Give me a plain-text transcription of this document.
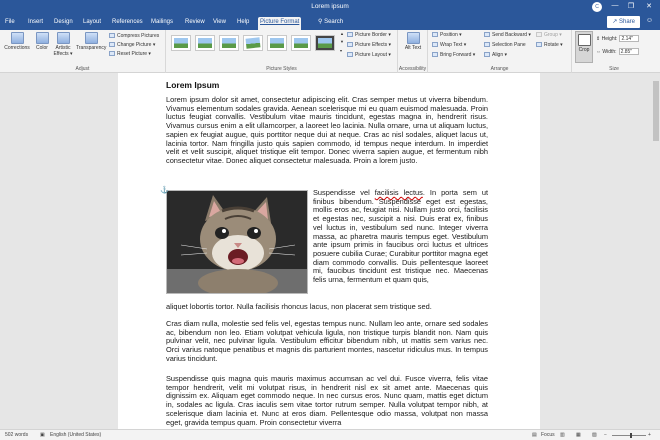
Lorem ipsum	C	—	❐	✕
File	Insert	Design	Layout	References	Mailings	Review	View	Help	Picture Format	⚲ Search	↗ Share	☺
Corrections	Color	Artistic Effects ▾
Transparency
Compress Pictures
Change Picture ▾
Reset Picture ▾
Adjust
▲
▼
▾
Picture Border ▾
Picture Effects ▾
Picture Layout ▾
Picture Styles
Alt Text
Accessibility
Position ▾
Wrap Text ▾
Bring Forward ▾
Send Backward ▾
Selection Pane
Align ▾
Group ▾
Rotate ▾
Arrange
Crop
⇕ Height: 2.14"
⇔ Width: 2.85"
Size
Lorem Ipsum
Lorem ipsum dolor sit amet, consectetur adipiscing elit. Cras semper metus ut viverra bibendum. Vivamus elementum sodales gravida. Aenean scelerisque mi eu quam euismod malesuada. Proin luctus feugiat convallis. Vestibulum vitae mauris tincidunt, egestas magna in, hendrerit risus. Vivamus cursus enim a elit ullamcorper, a laoreet leo lacinia. Nulla ornare, urna ut aliquam luctus, sapien ex feugiat augue, quis porttitor neque dui at neque. Cras ac nisl sodales, aliquet lacus ut, lacinia tortor. Nam fringilla justo quis sapien commodo, id tempus neque interdum. In imperdiet velit et velit suscipit, aliquet tristique elit tempor. Donec viverra sapien augue, et fermentum nibh consectetur vitae. Donec aliquet consectetur malesuada. Proin a lorem justo.
⚓	Suspendisse vel facilisis lectus. In porta sem ut finibus bibendum. Suspendisse eget est egestas, mollis eros ac, feugiat nisi. Nullam justo orci, facilisis et egestas nec, suscipit a nisi. Duis erat ex, finibus vel luctus in, vestibulum sed nunc. Integer viverra massa, ac pharetra mauris tempus eget. Vestibulum ante ipsum primis in faucibus orci luctus et ultrices posuere cubilia Curae; Curabitur porttitor magna eget diam commodo convallis. Duis pellentesque laoreet mi, faucibus tincidunt est tristique nec. Maecenas felis urna, fermentum et quam quis,
aliquet lobortis tortor. Nulla facilisis rhoncus lacus, non placerat sem tristique sed.
Cras diam nulla, molestie sed felis vel, egestas tempus nunc. Nullam leo ante, ornare sed sodales ac, bibendum non leo. Etiam volutpat vehicula ligula, non tristique turpis blandit non. Nam quis pulvinar velit, nec pulvinar ligula. Vestibulum efficitur bibendum nibh, ut mattis sem varius nec. Orci varius natoque penatibus et magnis dis parturient montes, nascetur ridiculus mus. In tempus varius tincidunt.
Suspendisse quis magna quis mauris maximus accumsan ac vel dui. Fusce viverra, felis vitae tempor hendrerit, velit mi volutpat risus, in hendrerit nisl ex sit amet ante. Maecenas quis dignissim ex. Aliquam eget commodo neque. In nec cursus eros. Nunc quam, mattis eget dictum in, sodales ac ligula. Cras iaculis sem vitae tortor rutrum semper. Nulla volutpat tempor nibh, at scelerisque diam lacinia et. Nunc at eros diam. Pellentesque odio massa, volutpat non massa eget, gravida tempus quam. Proin consectetur viverra
502 words ▣ English (United States)	▤ Focus ▥ ▦ ▧ −	+
